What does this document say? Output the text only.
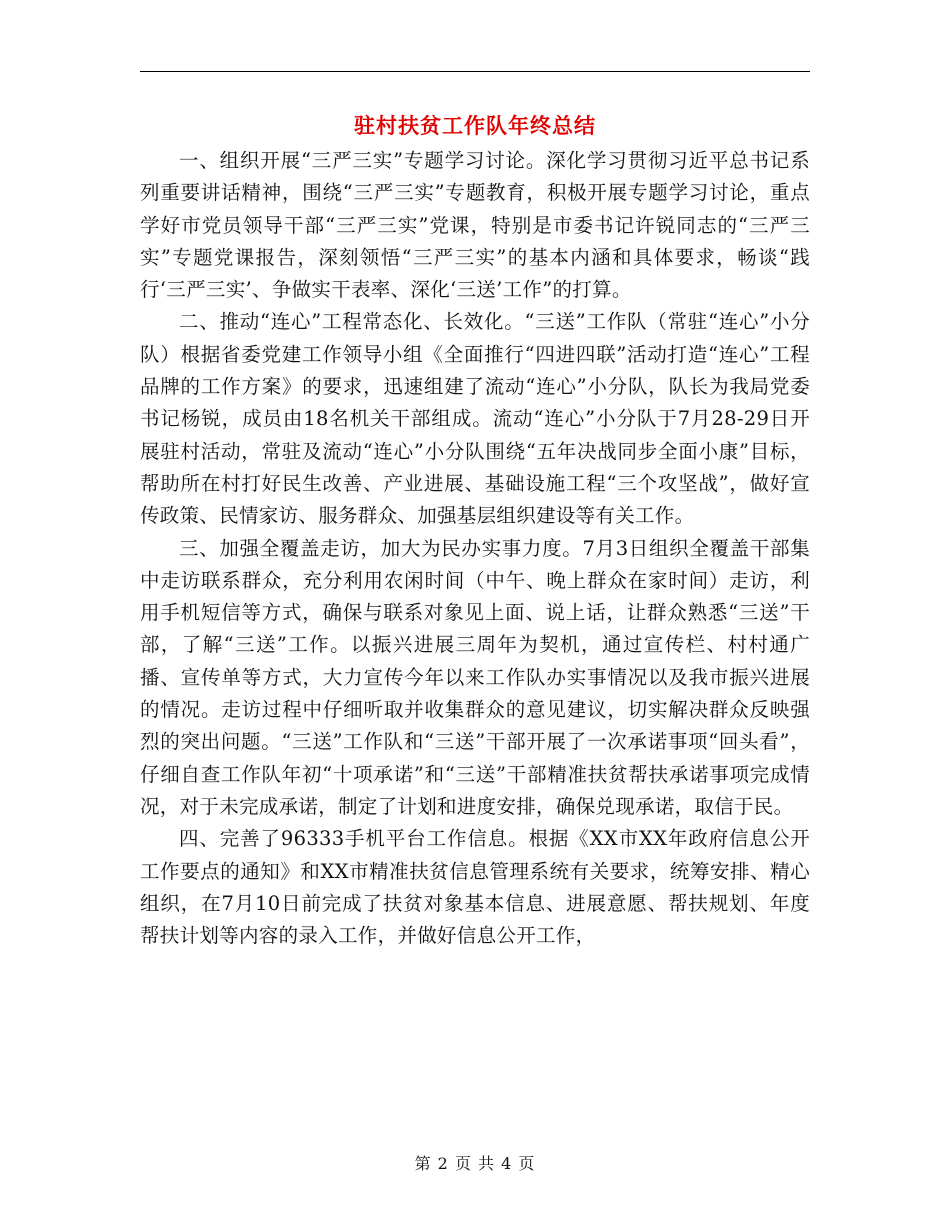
驻村扶贫工作队年终总结

一、组织开展“三严三实”专题学习讨论。深化学习贯彻习近平总书记系列重要讲话精神，围绕“三严三实”专题教育，积极开展专题学习讨论，重点学好市党员领导干部“三严三实”党课，特别是市委书记许锐同志的“三严三实”专题党课报告，深刻领悟“三严三实”的基本内涵和具体要求，畅谈“践行‘三严三实’、争做实干表率、深化‘三送’工作”的打算。

二、推动“连心”工程常态化、长效化。“三送”工作队（常驻“连心”小分队）根据省委党建工作领导小组《全面推行“四进四联”活动打造“连心”工程品牌的工作方案》的要求，迅速组建了流动“连心”小分队，队长为我局党委书记杨锐，成员由18名机关干部组成。流动“连心”小分队于7月28-29日开展驻村活动，常驻及流动“连心”小分队围绕“五年决战同步全面小康”目标，帮助所在村打好民生改善、产业进展、基础设施工程“三个攻坚战”，做好宣传政策、民情家访、服务群众、加强基层组织建设等有关工作。

三、加强全覆盖走访，加大为民办实事力度。7月3日组织全覆盖干部集中走访联系群众，充分利用农闲时间（中午、晚上群众在家时间）走访，利用手机短信等方式，确保与联系对象见上面、说上话，让群众熟悉“三送”干部，了解“三送”工作。以振兴进展三周年为契机，通过宣传栏、村村通广播、宣传单等方式，大力宣传今年以来工作队办实事情况以及我市振兴进展的情况。走访过程中仔细听取并收集群众的意见建议，切实解决群众反映强烈的突出问题。“三送”工作队和“三送”干部开展了一次承诺事项“回头看”，仔细自查工作队年初“十项承诺”和“三送”干部精准扶贫帮扶承诺事项完成情况，对于未完成承诺，制定了计划和进度安排，确保兑现承诺，取信于民。

四、完善了96333手机平台工作信息。根据《XX市XX年政府信息公开工作要点的通知》和XX市精准扶贫信息管理系统有关要求，统筹安排、精心组织，在7月10日前完成了扶贫对象基本信息、进展意愿、帮扶规划、年度帮扶计划等内容的录入工作，并做好信息公开工作，

第 2 页 共 4 页
